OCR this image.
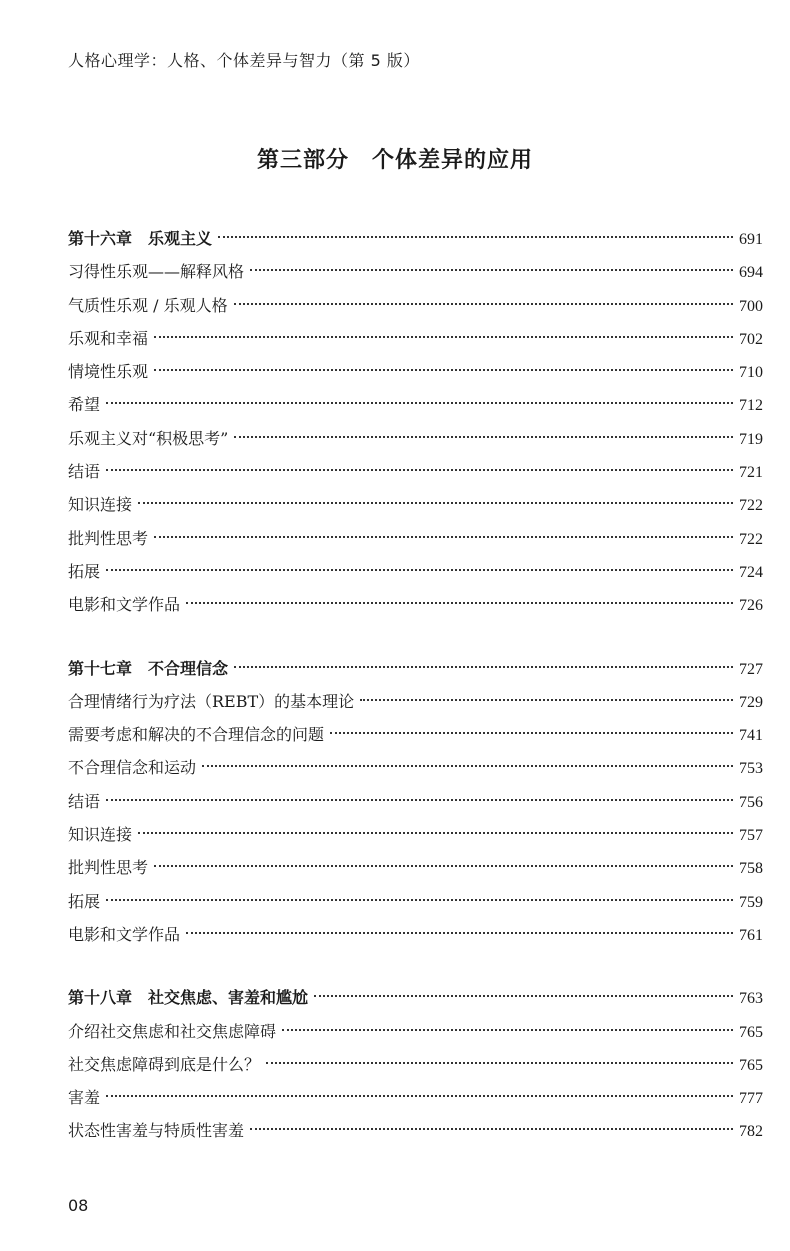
人格心理学：人格、个体差异与智力（第 5 版）
第三部分　个体差异的应用
第十六章　乐观主义	691
习得性乐观——解释风格	694
气质性乐观 / 乐观人格	700
乐观和幸福	702
情境性乐观	710
希望	712
乐观主义对“积极思考”	719
结语	721
知识连接	722
批判性思考	722
拓展	724
电影和文学作品	726
第十七章　不合理信念	727
合理情绪行为疗法（REBT）的基本理论	729
需要考虑和解决的不合理信念的问题	741
不合理信念和运动	753
结语	756
知识连接	757
批判性思考	758
拓展	759
电影和文学作品	761
第十八章　社交焦虑、害羞和尴尬	763
介绍社交焦虑和社交焦虑障碍	765
社交焦虑障碍到底是什么？	765
害羞	777
状态性害羞与特质性害羞	782
08
